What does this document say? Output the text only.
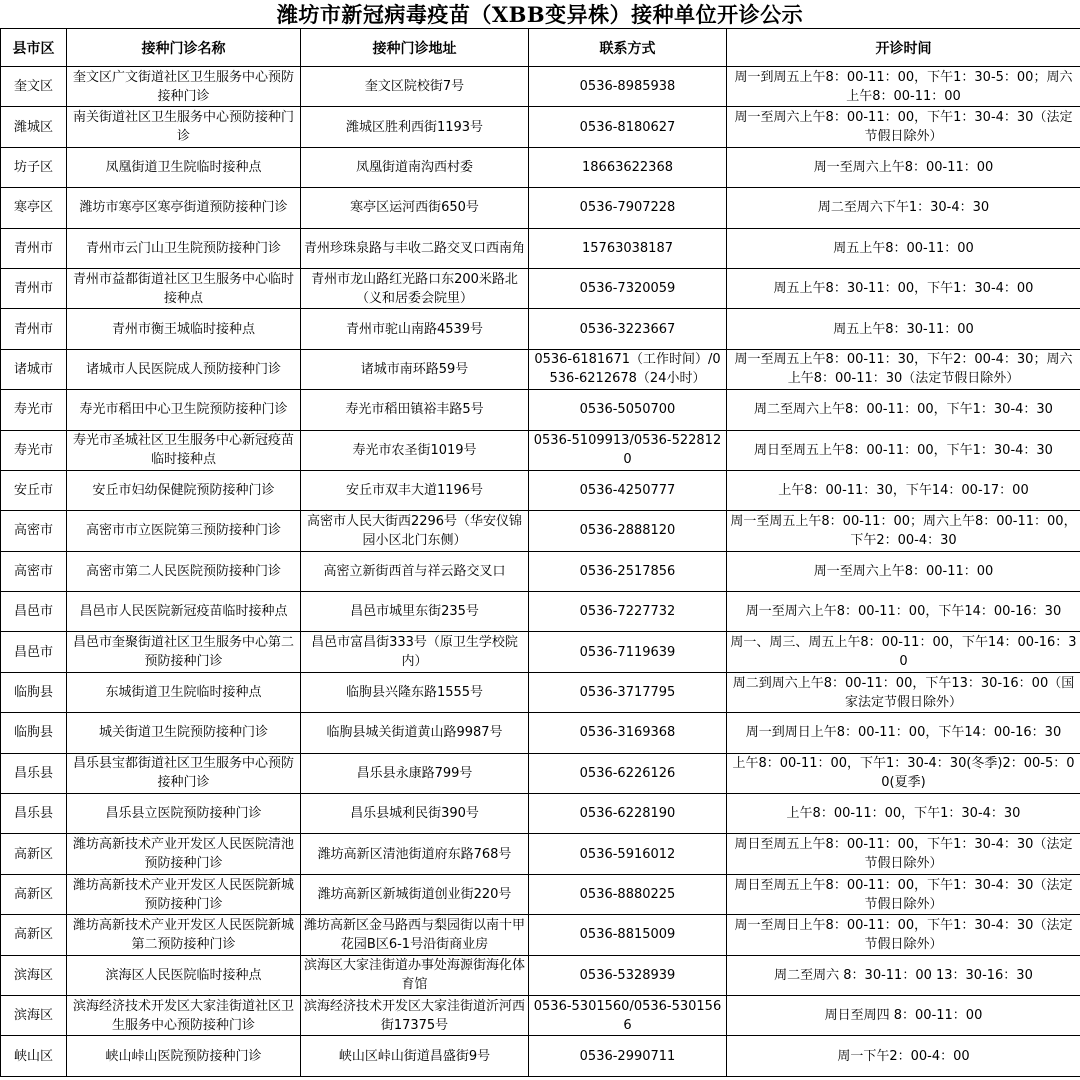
潍坊市新冠病毒疫苗（XBB变异株）接种单位开诊公示
县市区	接种门诊名称	接种门诊地址	联系方式	开诊时间
奎文区	奎文区广文街道社区卫生服务中心预防接种门诊	奎文区院校街7号	0536-8985938	周一到周五上午8：00-11：00，下午1：30-5：00；周六上午8：00-11：00
潍城区	南关街道社区卫生服务中心预防接种门诊	潍城区胜利西街1193号	0536-8180627	周一至周六上午8：00-11：00，下午1：30-4：30（法定节假日除外）
坊子区	凤凰街道卫生院临时接种点	凤凰街道南沟西村委	18663622368	周一至周六上午8：00-11：00
寒亭区	潍坊市寒亭区寒亭街道预防接种门诊	寒亭区运河西街650号	0536-7907228	周二至周六下午1：30-4：30
青州市	青州市云门山卫生院预防接种门诊	青州珍珠泉路与丰收二路交叉口西南角	15763038187	周五上午8：00-11：00
青州市	青州市益都街道社区卫生服务中心临时接种点	青州市龙山路红光路口东200米路北（义和居委会院里）	0536-7320059	周五上午8：30-11：00，下午1：30-4：00
青州市	青州市衡王城临时接种点	青州市驼山南路4539号	0536-3223667	周五上午8：30-11：00
诸城市	诸城市人民医院成人预防接种门诊	诸城市南环路59号	0536-6181671（工作时间）/0536-6212678（24小时）	周一至周五上午8：00-11：30，下午2：00-4：30；周六上午8：00-11：30（法定节假日除外）
寿光市	寿光市稻田中心卫生院预防接种门诊	寿光市稻田镇裕丰路5号	0536-5050700	周二至周六上午8：00-11：00，下午1：30-4：30
寿光市	寿光市圣城社区卫生服务中心新冠疫苗临时接种点	寿光市农圣街1019号	0536-5109913/0536-5228120	周日至周五上午8：00-11：00，下午1：30-4：30
安丘市	安丘市妇幼保健院预防接种门诊	安丘市双丰大道1196号	0536-4250777	上午8：00-11：30，下午14：00-17：00
高密市	高密市市立医院第三预防接种门诊	高密市人民大街西2296号（华安仪锦园小区北门东侧）	0536-2888120	周一至周五上午8：00-11：00；周六上午8：00-11：00，下午2：00-4：30
高密市	高密市第二人民医院预防接种门诊	高密立新街西首与祥云路交叉口	0536-2517856	周一至周六上午8：00-11：00
昌邑市	昌邑市人民医院新冠疫苗临时接种点	昌邑市城里东街235号	0536-7227732	周一至周六上午8：00-11：00，下午14：00-16：30
昌邑市	昌邑市奎聚街道社区卫生服务中心第二预防接种门诊	昌邑市富昌街333号（原卫生学校院内）	0536-7119639	周一、周三、周五上午8：00-11：00，下午14：00-16：30
临朐县	东城街道卫生院临时接种点	临朐县兴隆东路1555号	0536-3717795	周二到周六上午8：00-11：00，下午13：30-16：00（国家法定节假日除外）
临朐县	城关街道卫生院预防接种门诊	临朐县城关街道黄山路9987号	0536-3169368	周一到周日上午8：00-11：00，下午14：00-16：30
昌乐县	昌乐县宝都街道社区卫生服务中心预防接种门诊	昌乐县永康路799号	0536-6226126	上午8：00-11：00，下午1：30-4：30(冬季)2：00-5：00(夏季)
昌乐县	昌乐县立医院预防接种门诊	昌乐县城利民街390号	0536-6228190	上午8：00-11：00，下午1：30-4：30
高新区	潍坊高新技术产业开发区人民医院清池预防接种门诊	潍坊高新区清池街道府东路768号	0536-5916012	周日至周五上午8：00-11：00，下午1：30-4：30（法定节假日除外）
高新区	潍坊高新技术产业开发区人民医院新城预防接种门诊	潍坊高新区新城街道创业街220号	0536-8880225	周日至周五上午8：00-11：00，下午1：30-4：30（法定节假日除外）
高新区	潍坊高新技术产业开发区人民医院新城第二预防接种门诊	潍坊高新区金马路西与梨园街以南十甲花园B区6-1号沿街商业房	0536-8815009	周一至周日上午8：00-11：00，下午1：30-4：30（法定节假日除外）
滨海区	滨海区人民医院临时接种点	滨海区大家洼街道办事处海源街海化体育馆	0536-5328939	周二至周六 8：30-11：00 13：30-16：30
滨海区	滨海经济技术开发区大家洼街道社区卫生服务中心预防接种门诊	滨海经济技术开发区大家洼街道沂河西街17375号	0536-5301560/0536-5301566	周日至周四 8：00-11：00
峡山区	峡山峠山医院预防接种门诊	峡山区峠山街道昌盛街9号	0536-2990711	周一下午2：00-4：00
